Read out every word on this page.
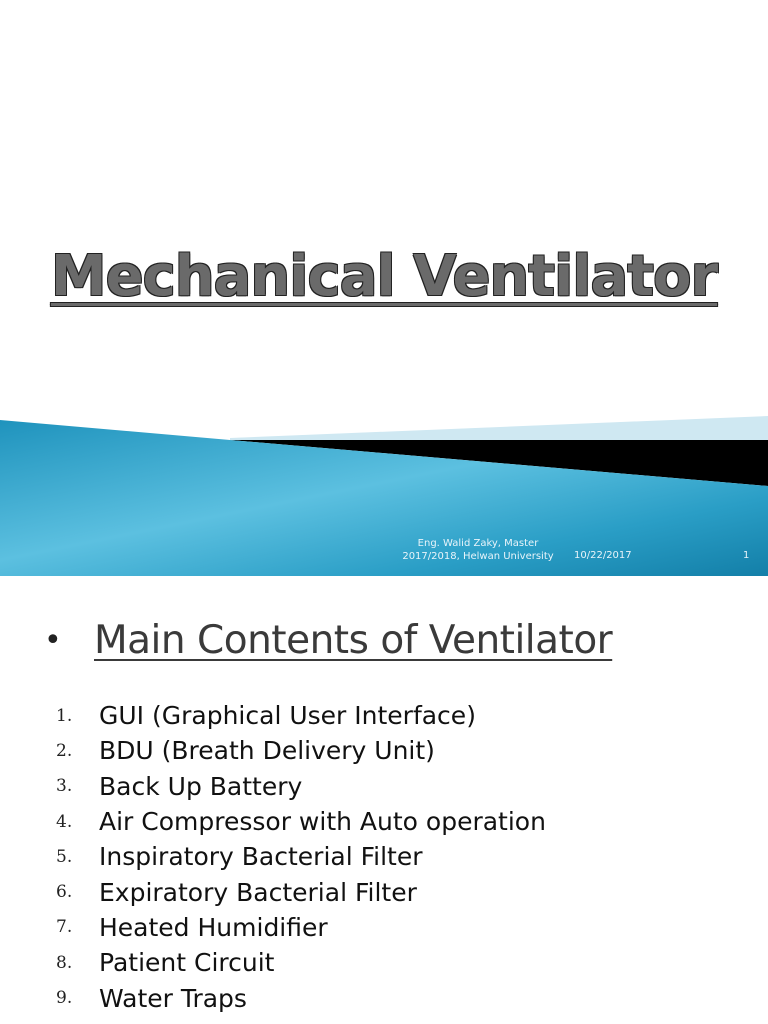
Mechanical Ventilator
Eng. Walid Zaky, Master
2017/2018, Helwan University	10/22/2017	1
• Main Contents of Ventilator
1.	GUI (Graphical User Interface)
2.	BDU (Breath Delivery Unit)
3.	Back Up Battery
4.	Air Compressor with Auto operation
5.	Inspiratory Bacterial Filter
6.	Expiratory Bacterial Filter
7.	Heated Humidifier
8.	Patient Circuit
9.	Water Traps
